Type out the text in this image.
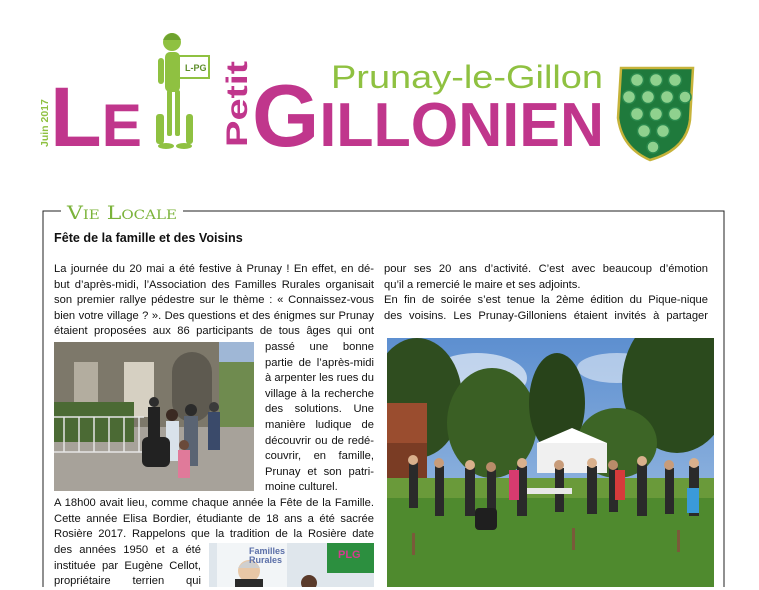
Juin 2017 LE
L-PG
Petit
GILLONIEN
Prunay-le-Gillon
Vie Locale
Fête de la famille et des Voisins

La journée du 20 mai a été festive à Prunay ! En effet, en dé-

but d’après-midi, l’Association des Familles Rurales organisait

son premier rallye pédestre sur le thème : « Connaissez-vous

bien votre village ? ». Des questions et des énigmes sur Prunay

étaient proposées aux 86 participants de tous âges qui ont

passé une bonne

partie de l’après-midi

à arpenter les rues du

village à la recherche

des solutions. Une

manière ludique de

découvrir ou de redé-

couvrir, en famille,

Prunay et son patri-

moine culturel.

A 18h00 avait lieu, comme chaque année la Fête de la Famille.

Cette année Elisa Bordier, étudiante de 18 ans a été sacrée

Rosière 2017. Rappelons que la tradition de la Rosière date

des années 1950 et a été

instituée par Eugène Cellot,

propriétaire terrien qui

Familles
Rurales	PLG

pour ses 20 ans d’activité. C’est avec beaucoup d’émotion

qu’il a remercié le maire et ses adjoints.

En fin de soirée s’est tenue la 2ème édition du Pique-nique

des voisins. Les Prunay-Gilloniens étaient invités à partager
